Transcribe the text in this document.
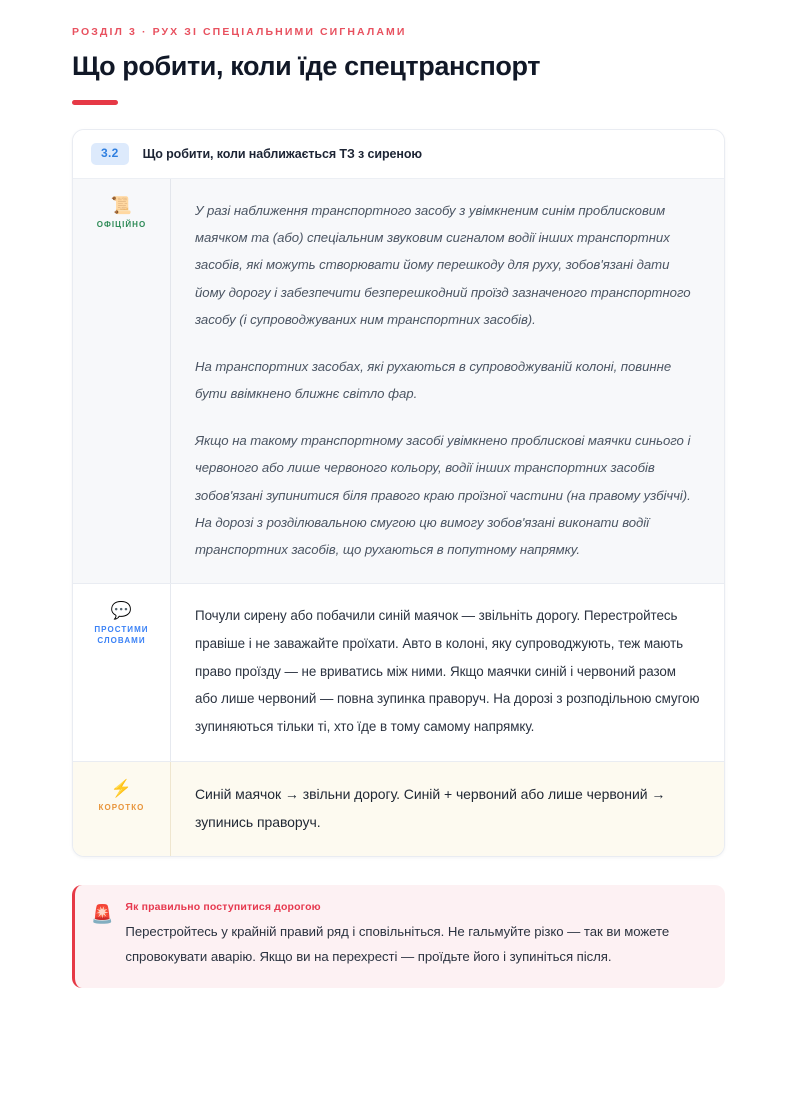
РОЗДІЛ 3 · РУХ ЗІ СПЕЦІАЛЬНИМИ СИГНАЛАМИ
Що робити, коли їде спецтранспорт
3.2	Що робити, коли наближається ТЗ з сиреною
📜
ОФІЦІЙНО

У разі наближення транспортного засобу з увімкненим синім проблисковим маячком та (або) спеціальним звуковим сигналом водії інших транспортних засобів, які можуть створювати йому перешкоду для руху, зобов'язані дати йому дорогу і забезпечити безперешкодний проїзд зазначеного транспортного засобу (і супроводжуваних ним транспортних засобів).

На транспортних засобах, які рухаються в супроводжуваній колоні, повинне бути ввімкнено ближнє світло фар.

Якщо на такому транспортному засобі увімкнено проблискові маячки синього і червоного або лише червоного кольору, водії інших транспортних засобів зобов'язані зупинитися біля правого краю проїзної частини (на правому узбіччі). На дорозі з розділювальною смугою цю вимогу зобов'язані виконати водії транспортних засобів, що рухаються в попутному напрямку.

💬
ПРОСТИМИ СЛОВАМИ

Почули сирену або побачили синій маячок — звільніть дорогу. Перестройтесь правіше і не заважайте проїхати. Авто в колоні, яку супроводжують, теж мають право проїзду — не вриватись між ними. Якщо маячки синій і червоний разом або лише червоний — повна зупинка праворуч. На дорозі з розподільною смугою зупиняються тільки ті, хто їде в тому самому напрямку.

⚡
КОРОТКО

Синій маячок → звільни дорогу. Синій + червоний або лише червоний → зупинись праворуч.

🚨 Як правильно поступитися дорогою

Перестройтесь у крайній правий ряд і сповільніться. Не гальмуйте різко — так ви можете спровокувати аварію. Якщо ви на перехресті — проїдьте його і зупиніться після.
